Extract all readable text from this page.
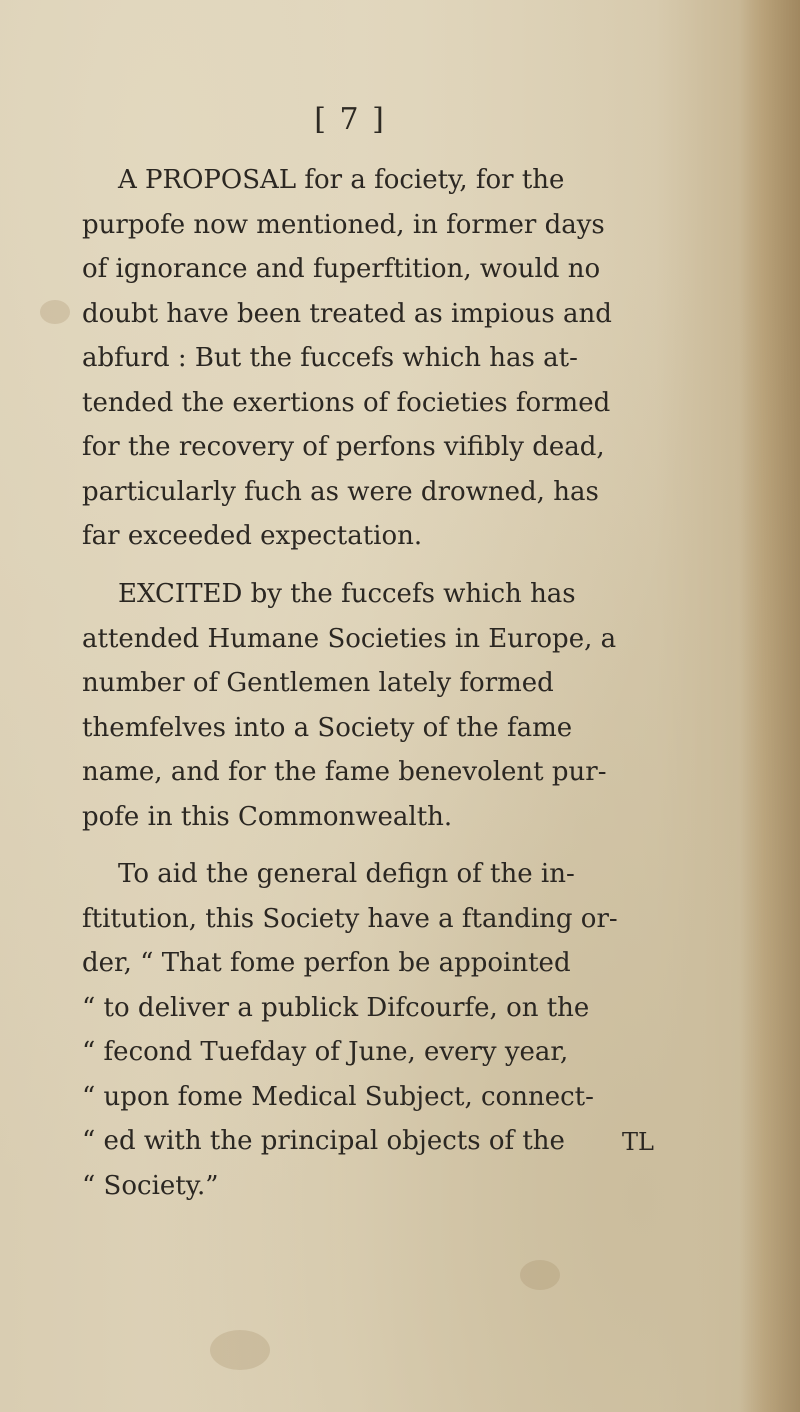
[ 7 ]
A PROPOSAL for a fociety, for the
purpofe now mentioned, in former days
of ignorance and fuperftition, would no
doubt have been treated as impious and
abfurd : But the fuccefs which has at-
tended the exertions of focieties formed
for the recovery of perfons vifibly dead,
particularly fuch as were drowned, has
far exceeded expectation.
EXCITED by the fuccefs which has
attended Humane Societies in Europe, a
number of Gentlemen lately formed
themfelves into a Society of the fame
name, and for the fame benevolent pur-
pofe in this Commonwealth.
To aid the general defign of the in-
ftitution, this Society have a ftanding or-
der, “ That fome perfon be appointed
“ to deliver a publick Difcourfe, on the
“ fecond Tuefday of June, every year,
“ upon fome Medical Subject, connect-
“ ed with the principal objects of the
“ Society.”
TL
